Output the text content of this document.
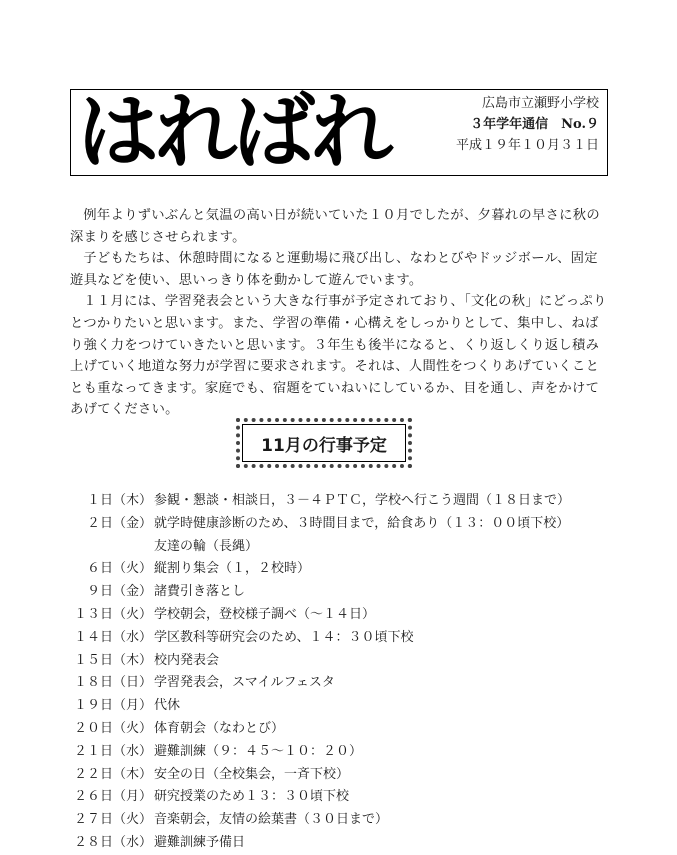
はればれ	広島市立瀬野小学校
３年学年通信　No.９
平成１９年１０月３１日

例年よりずいぶんと気温の高い日が続いていた１０月でしたが、夕暮れの早さに秋の深まりを感じさせられます。

子どもたちは、休憩時間になると運動場に飛び出し、なわとびやドッジボール、固定遊具などを使い、思いっきり体を動かして遊んでいます。

１１月には、学習発表会という大きな行事が予定されており、「文化の秋」にどっぷりとつかりたいと思います。また、学習の準備・心構えをしっかりとして、集中し、ねばり強く力をつけていきたいと思います。３年生も後半になると、くり返しくり返し積み上げていく地道な努力が学習に要求されます。それは、人間性をつくりあげていくこととも重なってきます。家庭でも、宿題をていねいにしているか、目を通し、声をかけてあげてください。

11月の行事予定
１日（木） 参観・懇談・相談日，３－４ＰＴＣ，学校へ行こう週間（１８日まで）
２日（金） 就学時健康診断のため、３時間目まで，給食あり（１３：００頃下校）
友達の輪（長縄）
６日（火） 縦割り集会（１，２校時）
９日（金） 諸費引き落とし
１３日（火） 学校朝会，登校様子調べ（～１４日）
１４日（水） 学区教科等研究会のため、１４：３０頃下校
１５日（木） 校内発表会
１８日（日） 学習発表会，スマイルフェスタ
１９日（月） 代休
２０日（火） 体育朝会（なわとび）
２１日（水） 避難訓練（９：４５～１０：２０）
２２日（木） 安全の日（全校集会，一斉下校）
２６日（月） 研究授業のため１３：３０頃下校
２７日（火） 音楽朝会，友情の絵葉書（３０日まで）
２８日（水） 避難訓練予備日
